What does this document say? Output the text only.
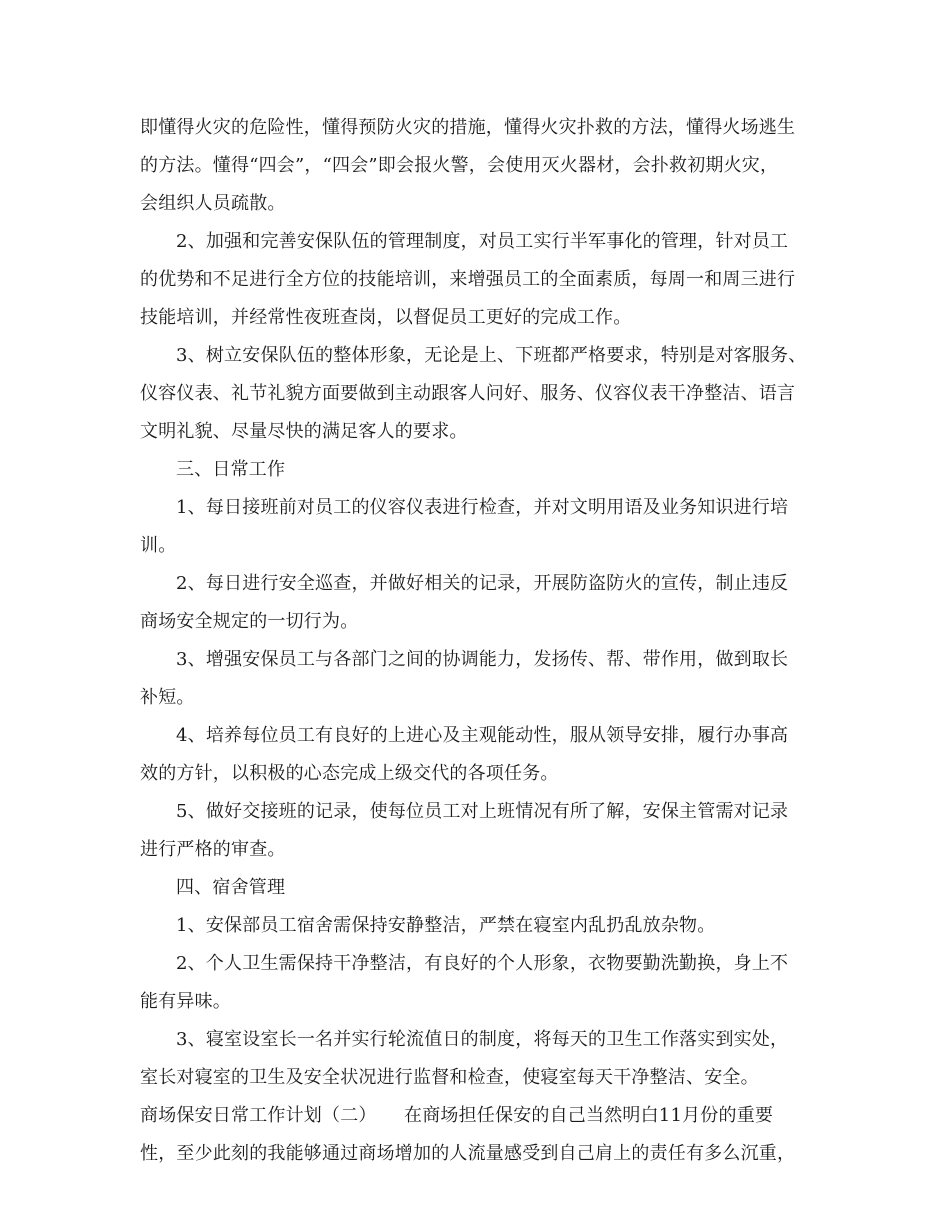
即懂得火灾的危险性，懂得预防火灾的措施，懂得火灾扑救的方法，懂得火场逃生
的方法。懂得“四会”，“四会”即会报火警，会使用灭火器材，会扑救初期火灾，
会组织人员疏散。
2、加强和完善安保队伍的管理制度，对员工实行半军事化的管理，针对员工
的优势和不足进行全方位的技能培训，来增强员工的全面素质，每周一和周三进行
技能培训，并经常性夜班查岗，以督促员工更好的完成工作。
3、树立安保队伍的整体形象，无论是上、下班都严格要求，特别是对客服务、
仪容仪表、礼节礼貌方面要做到主动跟客人问好、服务、仪容仪表干净整洁、语言
文明礼貌、尽量尽快的满足客人的要求。
三、日常工作
1、每日接班前对员工的仪容仪表进行检查，并对文明用语及业务知识进行培
训。
2、每日进行安全巡查，并做好相关的记录，开展防盗防火的宣传，制止违反
商场安全规定的一切行为。
3、增强安保员工与各部门之间的协调能力，发扬传、帮、带作用，做到取长
补短。
4、培养每位员工有良好的上进心及主观能动性，服从领导安排，履行办事高
效的方针，以积极的心态完成上级交代的各项任务。
5、做好交接班的记录，使每位员工对上班情况有所了解，安保主管需对记录
进行严格的审查。
四、宿舍管理
1、安保部员工宿舍需保持安静整洁，严禁在寝室内乱扔乱放杂物。
2、个人卫生需保持干净整洁，有良好的个人形象，衣物要勤洗勤换，身上不
能有异味。
3、寝室设室长一名并实行轮流值日的制度，将每天的卫生工作落实到实处，
室长对寝室的卫生及安全状况进行监督和检查，使寝室每天干净整洁、安全。
商场保安日常工作计划（二）　　在商场担任保安的自己当然明白11月份的重要
性，至少此刻的我能够通过商场增加的人流量感受到自己肩上的责任有多么沉重，
